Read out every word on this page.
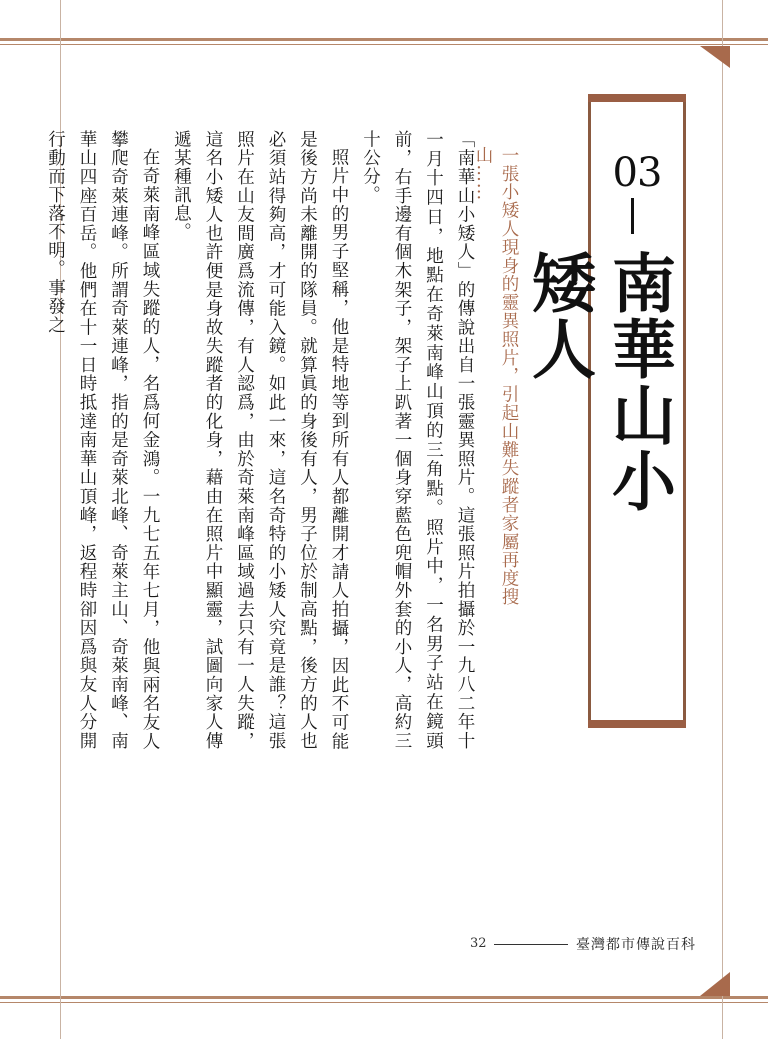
03
南華山小矮人
一張小矮人現身的靈異照片，引起山難失蹤者家屬再度搜山……

「南華山小矮人」的傳說出自一張靈異照片。這張照片拍攝於一九八二年十一月十四日，地點在奇萊南峰山頂的三角點。照片中，一名男子站在鏡頭前，右手邊有個木架子，架子上趴著一個身穿藍色兜帽外套的小人，高約三十公分。

照片中的男子堅稱，他是特地等到所有人都離開才請人拍攝，因此不可能是後方尚未離開的隊員。就算眞的身後有人，男子位於制高點，後方的人也必須站得夠高，才可能入鏡。如此一來，這名奇特的小矮人究竟是誰？這張照片在山友間廣爲流傳，有人認爲，由於奇萊南峰區域過去只有一人失蹤，這名小矮人也許便是身故失蹤者的化身，藉由在照片中顯靈，試圖向家人傳遞某種訊息。

在奇萊南峰區域失蹤的人，名爲何金鴻。一九七五年七月，他與兩名友人攀爬奇萊連峰。所謂奇萊連峰，指的是奇萊北峰、奇萊主山、奇萊南峰、南華山四座百岳。他們在十一日時抵達南華山頂峰，返程時卻因爲與友人分開行動而下落不明。事發之

32	臺灣都市傳說百科
